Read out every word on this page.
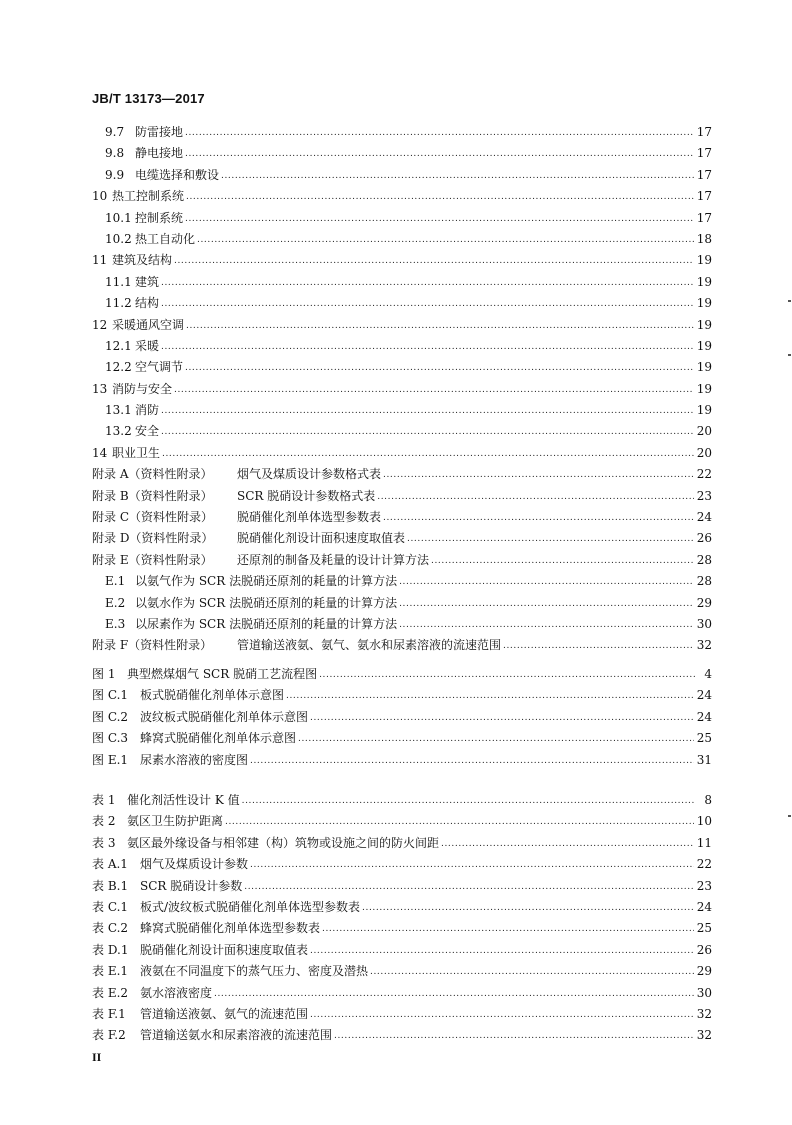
JB/T 13173—2017
9.7 防雷接地 .....	17
9.8 静电接地 .....	17
9.9 电缆选择和敷设 .....	17
10 热工控制系统 .....	17
10.1 控制系统 .....	17
10.2 热工自动化 .....	18
11 建筑及结构 .....	19
11.1 建筑 .....	19
11.2 结构 .....	19
12 采暖通风空调 .....	19
12.1 采暖 .....	19
12.2 空气调节 .....	19
13 消防与安全 .....	19
13.1 消防 .....	19
13.2 安全 .....	20
14 职业卫生 .....	20
附录 A（资料性附录）	烟气及煤质设计参数格式表 .....	22
附录 B（资料性附录）	SCR 脱硝设计参数格式表 .....	23
附录 C（资料性附录）	脱硝催化剂单体选型参数表 .....	24
附录 D（资料性附录）	脱硝催化剂设计面积速度取值表 .....	26
附录 E（资料性附录）	还原剂的制备及耗量的设计计算方法 .....	28
E.1 以氨气作为 SCR 法脱硝还原剂的耗量的计算方法 .....	28
E.2 以氨水作为 SCR 法脱硝还原剂的耗量的计算方法 .....	29
E.3 以尿素作为 SCR 法脱硝还原剂的耗量的计算方法 .....	30
附录 F（资料性附录）	管道输送液氨、氨气、氨水和尿素溶液的流速范围 .....	32
图 1 典型燃煤烟气 SCR 脱硝工艺流程图 .....	4
图 C.1 板式脱硝催化剂单体示意图 .....	24
图 C.2 波纹板式脱硝催化剂单体示意图 .....	24
图 C.3 蜂窝式脱硝催化剂单体示意图 .....	25
图 E.1 尿素水溶液的密度图 .....	31
表 1 催化剂活性设计 K 值 .....	8
表 2 氨区卫生防护距离 .....	10
表 3 氨区最外缘设备与相邻建（构）筑物或设施之间的防火间距 .....	11
表 A.1	烟气及煤质设计参数 .....	22
表 B.1 SCR 脱硝设计参数 .....	23
表 C.1 板式/波纹板式脱硝催化剂单体选型参数表 .....	24
表 C.2 蜂窝式脱硝催化剂单体选型参数表 .....	25
表 D.1 脱硝催化剂设计面积速度取值表 .....	26
表 E.1 液氨在不同温度下的蒸气压力、密度及潜热 .....	29
表 E.2 氨水溶液密度 .....	30
表 F.1	管道输送液氨、氨气的流速范围 .....	32
表 F.2	管道输送氨水和尿素溶液的流速范围 .....	32
II
